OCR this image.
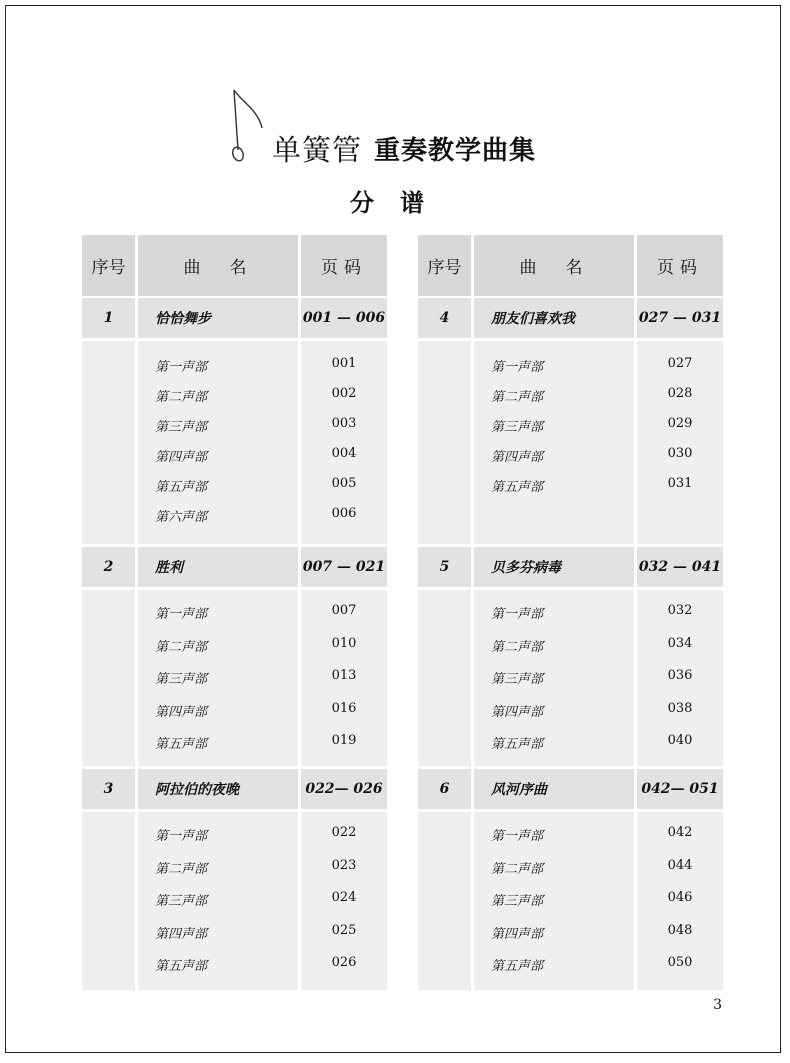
单簧管 重奏教学曲集
分谱
序号	曲　名	页码
1	恰恰舞步	001 — 006
第一声部	001
第二声部	002
第三声部	003
第四声部	004
第五声部	005
第六声部	006
2	胜利	007 — 021
第一声部	007
第二声部	010
第三声部	013
第四声部	016
第五声部	019
3	阿拉伯的夜晚	022— 026
第一声部	022
第二声部	023
第三声部	024
第四声部	025
第五声部	026
序号	曲　名	页码
4	朋友们喜欢我	027 — 031
第一声部	027
第二声部	028
第三声部	029
第四声部	030
第五声部	031
5	贝多芬病毒	032 — 041
第一声部	032
第二声部	034
第三声部	036
第四声部	038
第五声部	040
6	风河序曲	042— 051
第一声部	042
第二声部	044
第三声部	046
第四声部	048
第五声部	050
3
